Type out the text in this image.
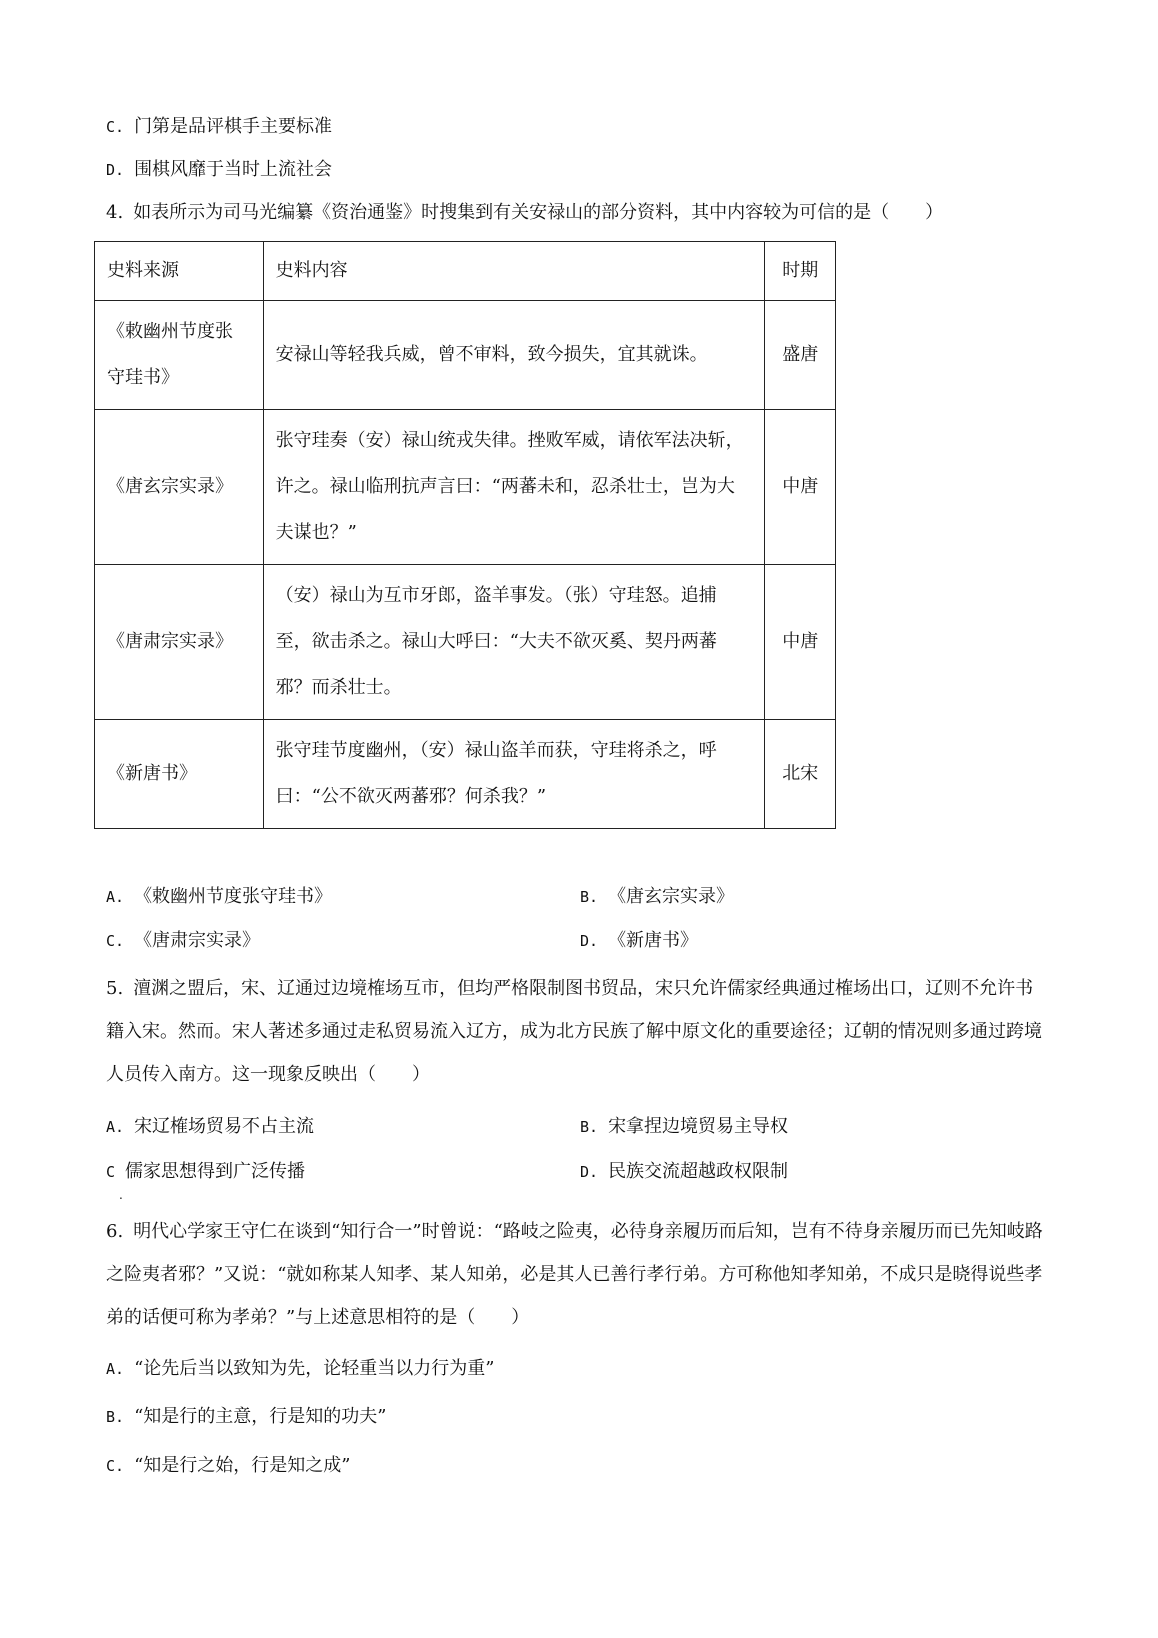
C. 门第是品评棋手主要标准
D. 围棋风靡于当时上流社会
4. 如表所示为司马光编纂《资治通鉴》时搜集到有关安禄山的部分资料，其中内容较为可信的是（　　）
史料来源	史料内容	时期
《敕幽州节度张守珪书》	安禄山等轻我兵威，曾不审料，致今损失，宜其就诛。	盛唐
《唐玄宗实录》	张守珪奏（安）禄山统戎失律。挫败军威，请依军法决斩，许之。禄山临刑抗声言曰：“两蕃未和，忍杀壮士，岂为大夫谋也？”	中唐
《唐肃宗实录》	（安）禄山为互市牙郎，盗羊事发。（张）守珪怒。追捕至，欲击杀之。禄山大呼曰：“大夫不欲灭奚、契丹两蕃邪？而杀壮士。	中唐
《新唐书》	张守珪节度幽州，（安）禄山盗羊而获，守珪将杀之，呼曰：“公不欲灭两蕃邪？何杀我？”	北宋
A. 《敕幽州节度张守珪书》	B. 《唐玄宗实录》
C. 《唐肃宗实录》	D. 《新唐书》
5. 澶渊之盟后，宋、辽通过边境榷场互市，但均严格限制图书贸品，宋只允许儒家经典通过榷场出口，辽则不允许书籍入宋。然而。宋人著述多通过走私贸易流入辽方，成为北方民族了解中原文化的重要途径；辽朝的情况则多通过跨境人员传入南方。这一现象反映出（　　）
A. 宋辽榷场贸易不占主流	B. 宋拿捏边境贸易主导权
C 儒家思想得到广泛传播	D. 民族交流超越政权限制
.
6. 明代心学家王守仁在谈到“知行合一”时曾说：“路岐之险夷，必待身亲履历而后知，岂有不待身亲履历而已先知岐路之险夷者邪？”又说：“就如称某人知孝、某人知弟，必是其人已善行孝行弟。方可称他知孝知弟，不成只是晓得说些孝弟的话便可称为孝弟？”与上述意思相符的是（　　）
A. “论先后当以致知为先，论轻重当以力行为重”
B. “知是行的主意，行是知的功夫”
C. “知是行之始，行是知之成”
